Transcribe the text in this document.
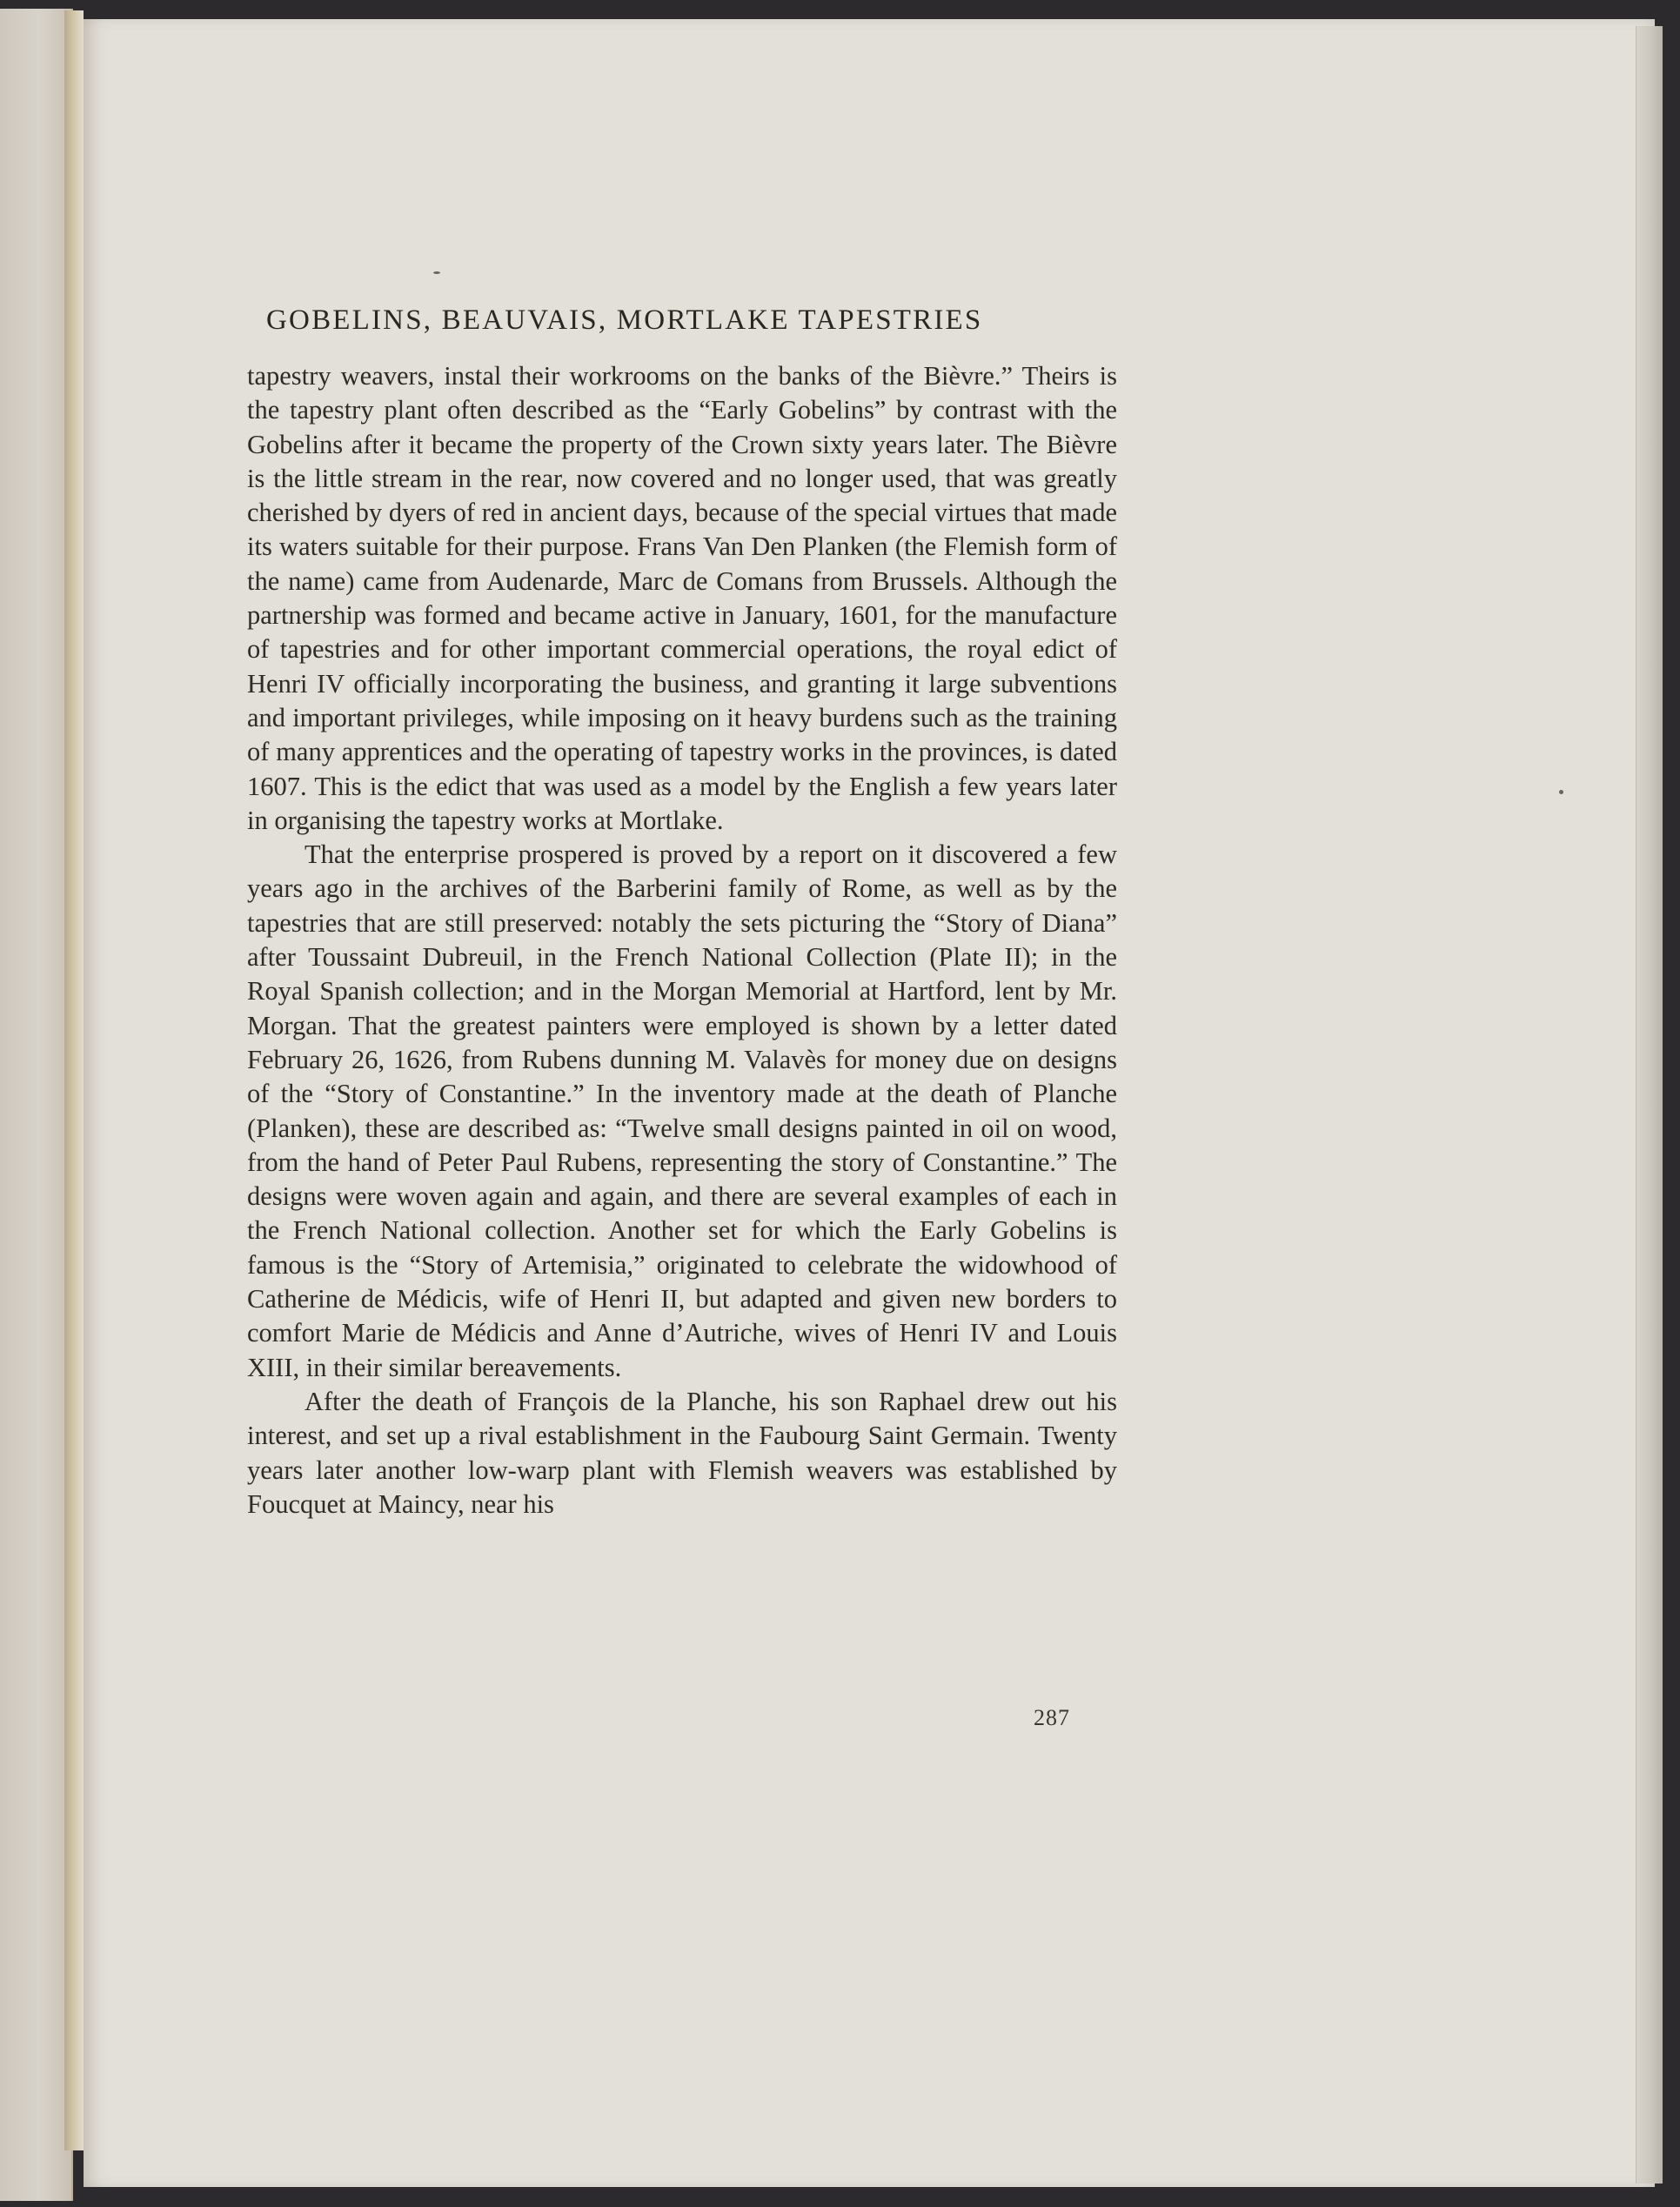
GOBELINS, BEAUVAIS, MORTLAKE TAPESTRIES

tapestry weavers, instal their workrooms on the banks of the Bièvre.” Theirs is the tapestry plant often described as the “Early Gobelins” by contrast with the Gobelins after it became the property of the Crown sixty years later. The Bièvre is the little stream in the rear, now covered and no longer used, that was greatly cherished by dyers of red in ancient days, because of the special virtues that made its waters suitable for their purpose. Frans Van Den Planken (the Flemish form of the name) came from Audenarde, Marc de Comans from Brussels. Although the partnership was formed and became active in January, 1601, for the manufacture of tapestries and for other important commercial operations, the royal edict of Henri IV officially incorporating the business, and granting it large subventions and important privileges, while imposing on it heavy burdens such as the training of many apprentices and the operating of tapestry works in the provinces, is dated 1607. This is the edict that was used as a model by the English a few years later in organising the tapestry works at Mortlake.

That the enterprise prospered is proved by a report on it discovered a few years ago in the archives of the Barberini family of Rome, as well as by the tapestries that are still preserved: notably the sets picturing the “Story of Diana” after Toussaint Dubreuil, in the French National Collection (Plate II); in the Royal Spanish collection; and in the Morgan Memorial at Hartford, lent by Mr. Morgan. That the greatest painters were employed is shown by a letter dated February 26, 1626, from Rubens dunning M. Valavès for money due on designs of the “Story of Constantine.” In the inventory made at the death of Planche (Planken), these are described as: “Twelve small designs painted in oil on wood, from the hand of Peter Paul Rubens, representing the story of Constantine.” The designs were woven again and again, and there are several examples of each in the French National collection. Another set for which the Early Gobelins is famous is the “Story of Artemisia,” originated to celebrate the widowhood of Catherine de Médicis, wife of Henri II, but adapted and given new borders to comfort Marie de Médicis and Anne d’Autriche, wives of Henri IV and Louis XIII, in their similar bereavements.

After the death of François de la Planche, his son Raphael drew out his interest, and set up a rival establishment in the Faubourg Saint Germain. Twenty years later another low-warp plant with Flemish weavers was established by Foucquet at Maincy, near his

287
